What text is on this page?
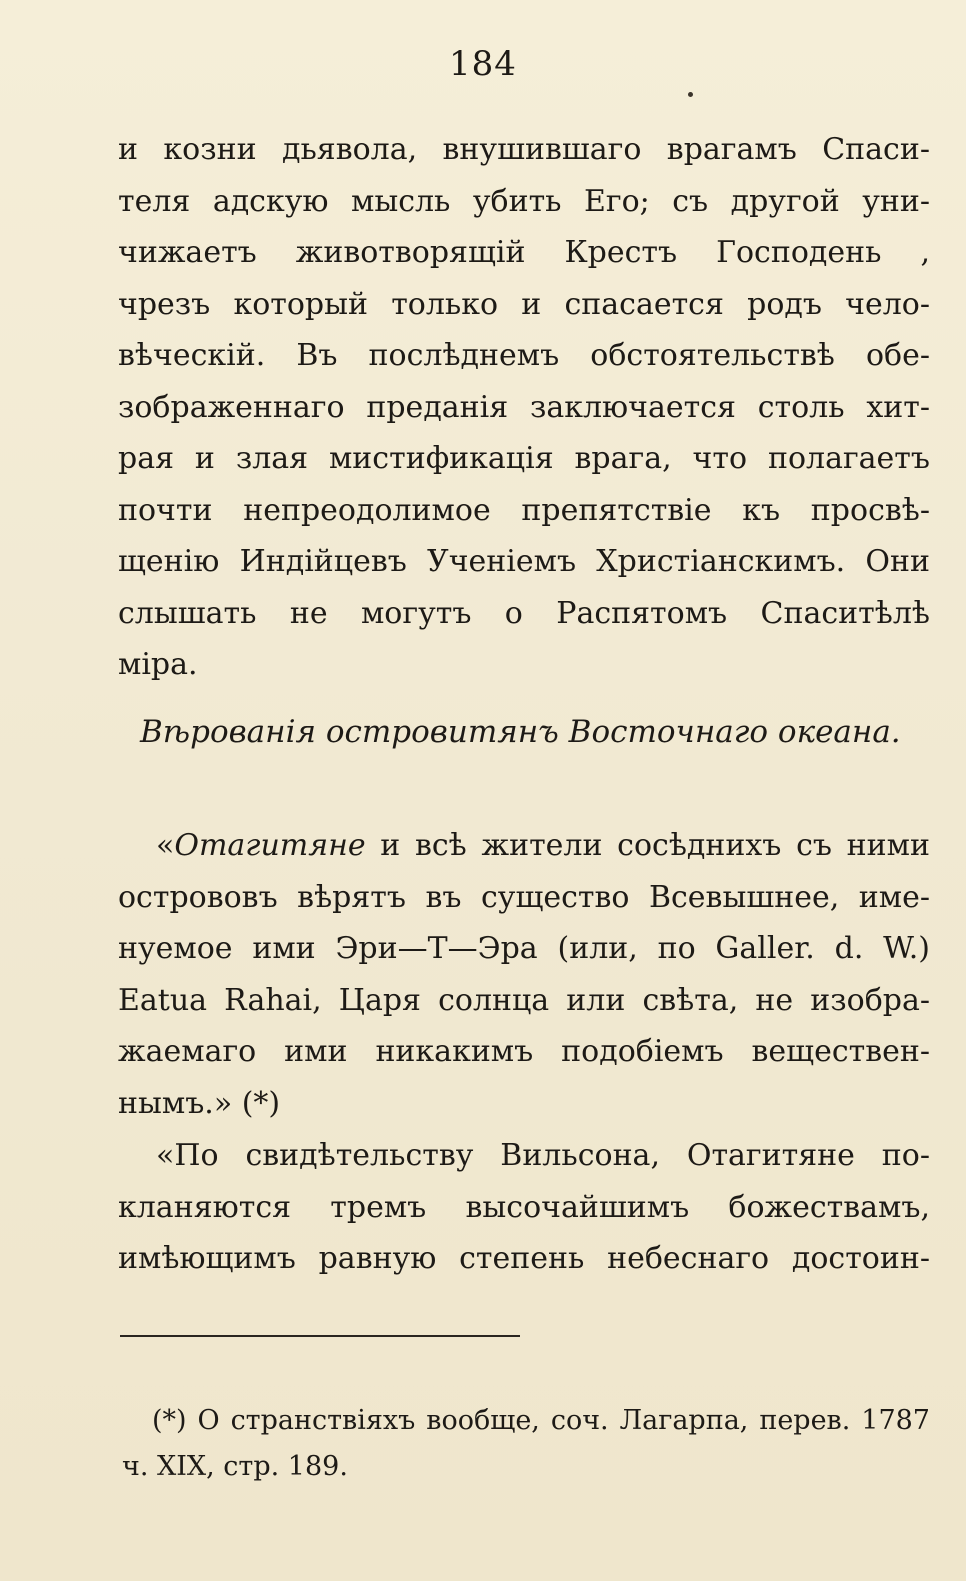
184
и козни дьявола, внушившаго врагамъ Спаси-
теля адскую мысль убить Его; съ другой уни-
чижаетъ животворящій Крестъ Господень ,
чрезъ который только и спасается родъ чело-
вѣческій. Въ послѣднемъ обстоятельствѣ обе-
зображеннаго преданія заключается столь хит-
рая и злая мистификація врага, что полагаетъ
почти непреодолимое препятствіе къ просвѣ-
щенію Индійцевъ Ученіемъ Христіанскимъ. Они
слышать не могутъ о Распятомъ Спаситѣлѣ
міра.
Вѣрованія островитянъ Восточнаго океана.
«Отагитяне и всѣ жители сосѣднихъ съ ними
острововъ вѣрятъ въ существо Всевышнее, име-
нуемое ими Эри—Т—Эра (или, по Galler. d. W.)
Eatua Rahai, Царя солнца или свѣта, не изобра-
жаемаго ими никакимъ подобіемъ веществен-
нымъ.» (*)
«По свидѣтельству Вильсона, Отагитяне по-
кланяются тремъ высочайшимъ божествамъ,
имѣющимъ равную степень небеснаго достоин-
(*) О странствіяхъ вообще, соч. Лагарпа, перев. 1787
ч. XIX, стр. 189.
